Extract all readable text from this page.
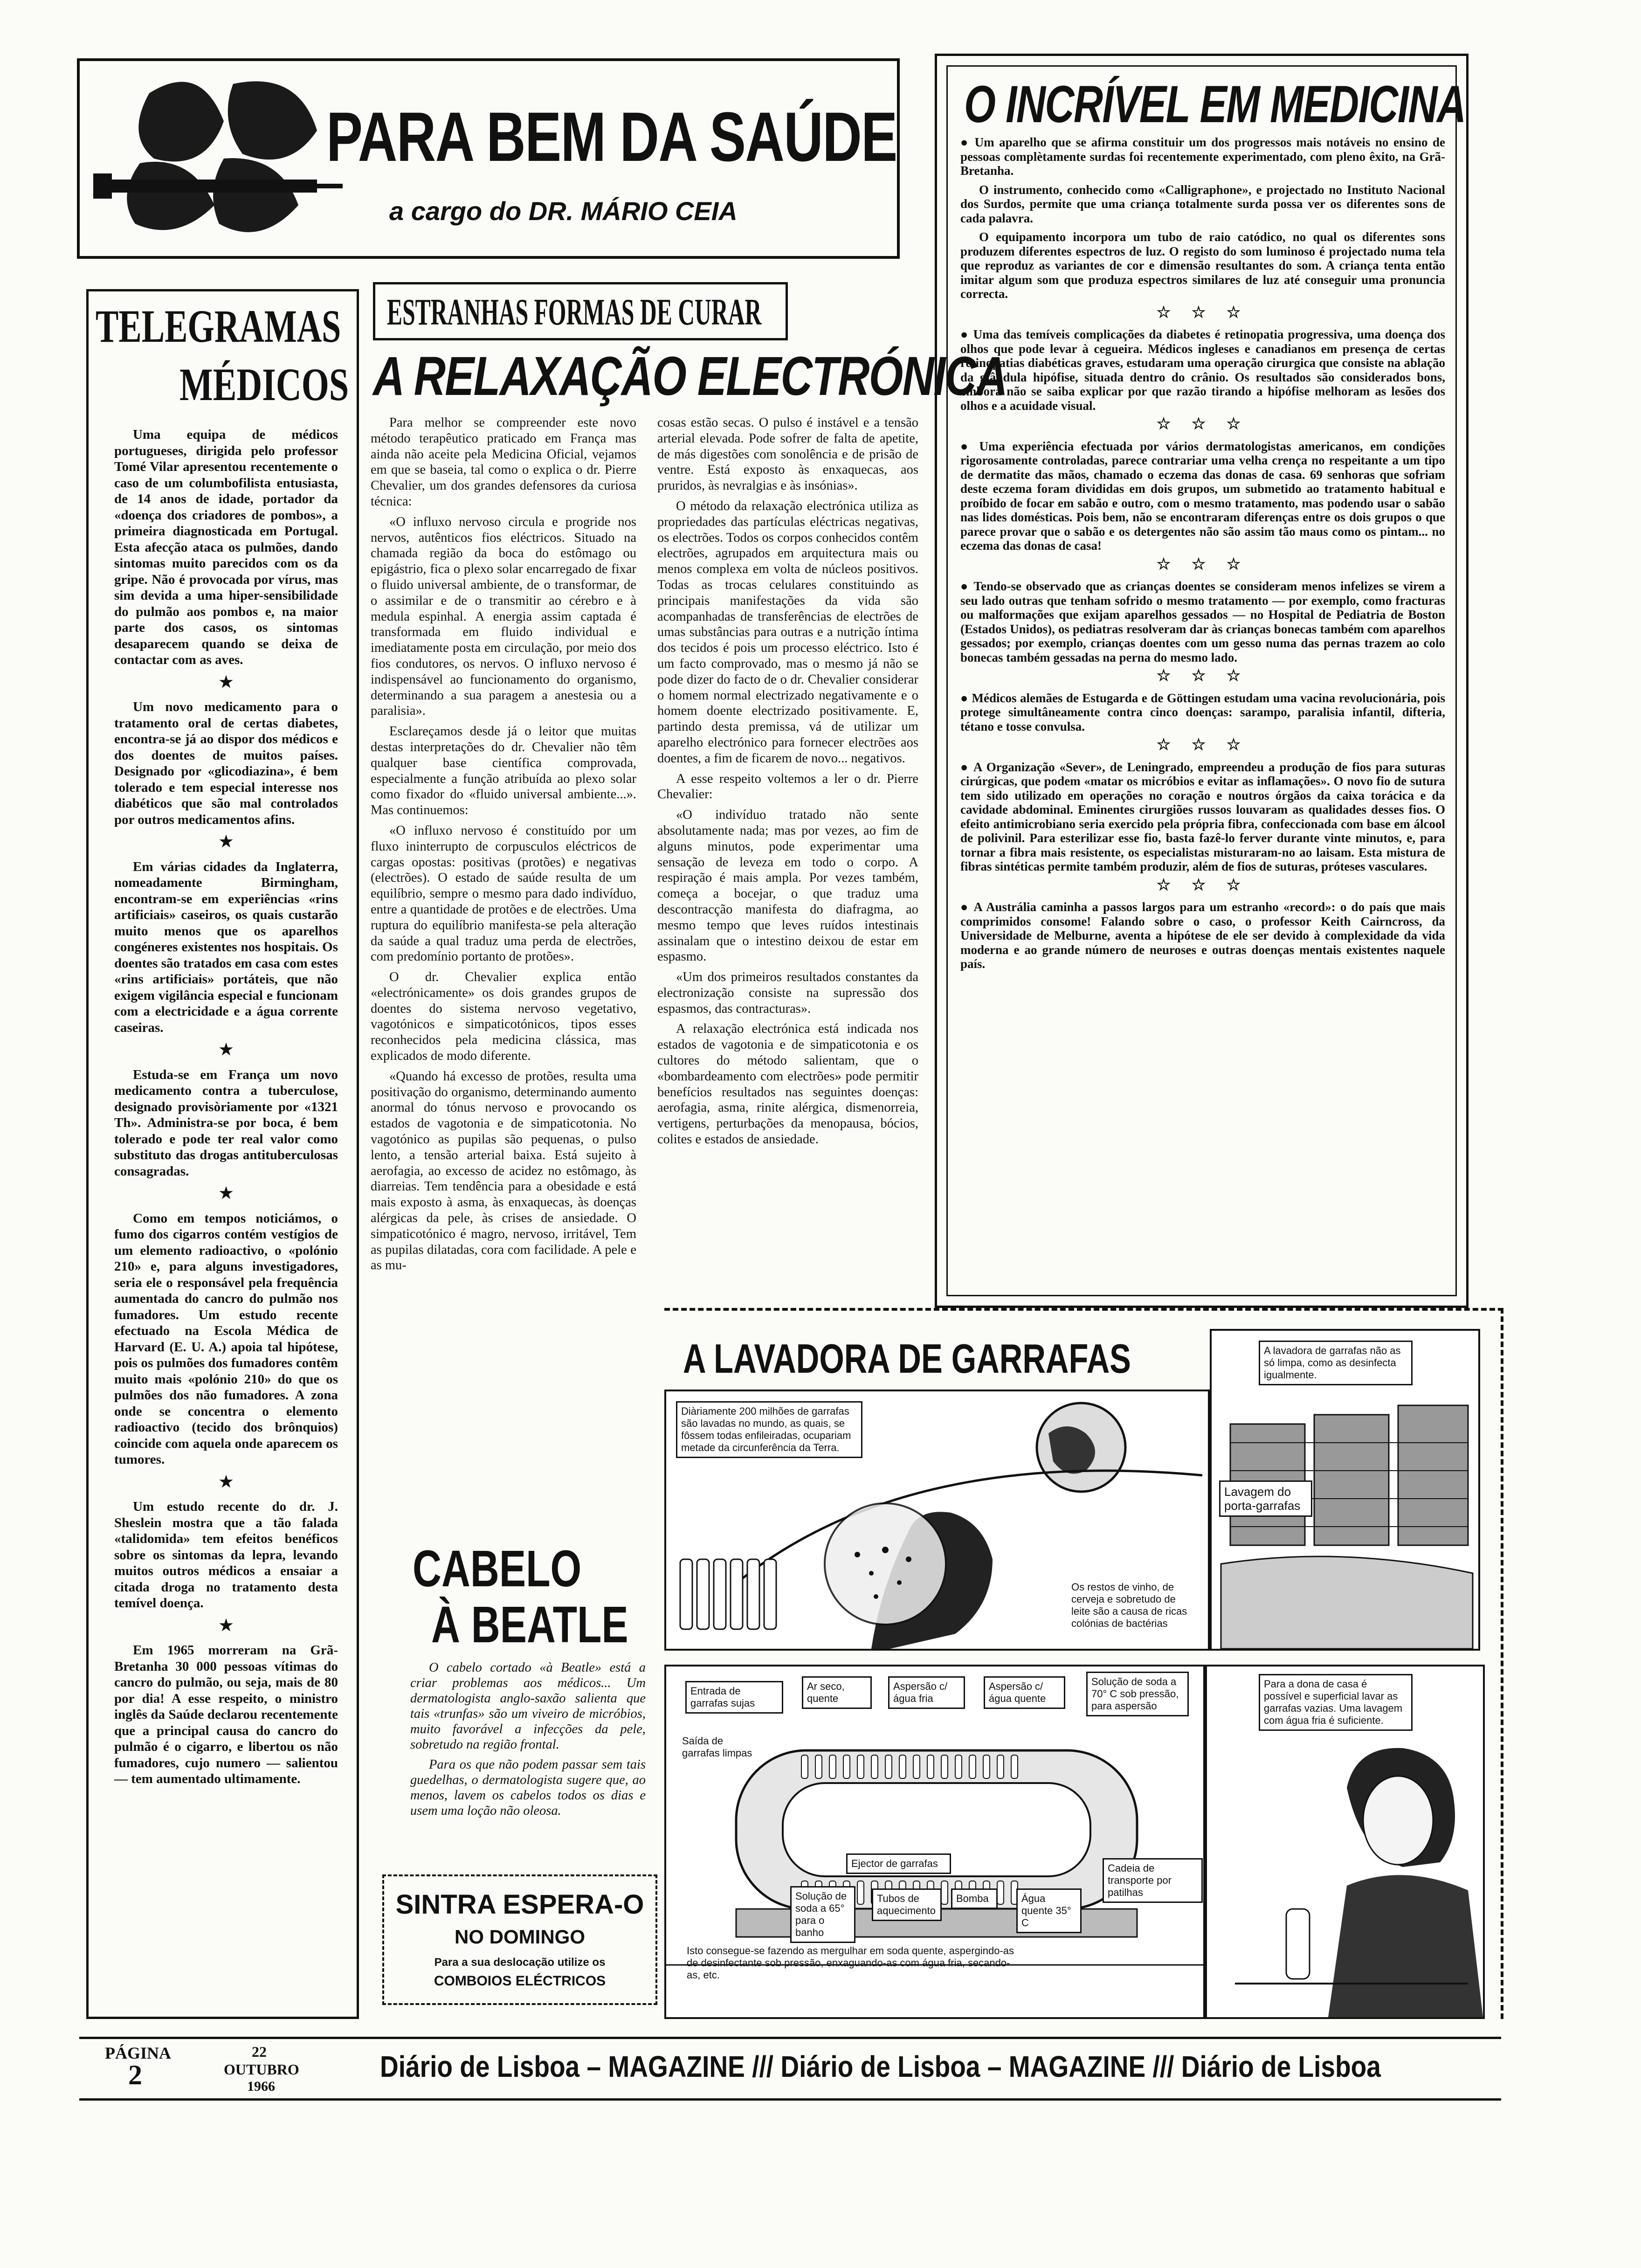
PARA BEM DA SAÚDE
a cargo do DR. MÁRIO CEIA
TELEGRAMAS
MÉDICOS

Uma equipa de médicos portugueses, dirigida pelo professor Tomé Vilar apresentou recentemente o caso de um columbofilista entusiasta, de 14 anos de idade, portador da «doença dos criadores de pombos», a primeira diagnosticada em Portugal. Esta afecção ataca os pulmões, dando sintomas muito parecidos com os da gripe. Não é provocada por vírus, mas sim devida a uma hiper-sensibilidade do pulmão aos pombos e, na maior parte dos casos, os sintomas desaparecem quando se deixa de contactar com as aves.

★

Um novo medicamento para o tratamento oral de certas diabetes, encontra-se já ao dispor dos médicos e dos doentes de muitos países. Designado por «glicodiazina», é bem tolerado e tem especial interesse nos diabéticos que são mal controlados por outros medicamentos afins.

★

Em várias cidades da Inglaterra, nomeadamente Birmingham, encontram-se em experiências «rins artificiais» caseiros, os quais custarão muito menos que os aparelhos congéneres existentes nos hospitais. Os doentes são tratados em casa com estes «rins artificiais» portáteis, que não exigem vigilância especial e funcionam com a electricidade e a água corrente caseiras.

★

Estuda-se em França um novo medicamento contra a tuberculose, designado provisòriamente por «1321 Th». Administra-se por boca, é bem tolerado e pode ter real valor como substituto das drogas antituberculosas consagradas.

★

Como em tempos noticiámos, o fumo dos cigarros contém vestígios de um elemento radioactivo, o «polónio 210» e, para alguns investigadores, seria ele o responsável pela frequência aumentada do cancro do pulmão nos fumadores. Um estudo recente efectuado na Escola Médica de Harvard (E. U. A.) apoia tal hipótese, pois os pulmões dos fumadores contêm muito mais «polónio 210» do que os pulmões dos não fumadores. A zona onde se concentra o elemento radioactivo (tecido dos brônquios) coincide com aquela onde aparecem os tumores.

★

Um estudo recente do dr. J. Sheslein mostra que a tão falada «talidomida» tem efeitos benéficos sobre os sintomas da lepra, levando muitos outros médicos a ensaiar a citada droga no tratamento desta temível doença.

★

Em 1965 morreram na Grã-Bretanha 30 000 pessoas vítimas do cancro do pulmão, ou seja, mais de 80 por dia! A esse respeito, o ministro inglês da Saúde declarou recentemente que a principal causa do cancro do pulmão é o cigarro, e libertou os não fumadores, cujo numero — salientou — tem aumentado ultimamente.

ESTRANHAS FORMAS DE CURAR
A RELAXAÇÃO ELECTRÓNICA

Para melhor se compreender este novo método terapêutico praticado em França mas ainda não aceite pela Medicina Oficial, vejamos em que se baseia, tal como o explica o dr. Pierre Chevalier, um dos grandes defensores da curiosa técnica:

«O influxo nervoso circula e progride nos nervos, autênticos fios eléctricos. Situado na chamada região da boca do estômago ou epigástrio, fica o plexo solar encarregado de fixar o fluido universal ambiente, de o transformar, de o assimilar e de o transmitir ao cérebro e à medula espinhal. A energia assim captada é transformada em fluido individual e imediatamente posta em circulação, por meio dos fios condutores, os nervos. O influxo nervoso é indispensável ao funcionamento do organismo, determinando a sua paragem a anestesia ou a paralisia».

Esclareçamos desde já o leitor que muitas destas interpretações do dr. Chevalier não têm qualquer base científica comprovada, especialmente a função atribuída ao plexo solar como fixador do «fluido universal ambiente...». Mas continuemos:

«O influxo nervoso é constituído por um fluxo ininterrupto de corpusculos eléctricos de cargas opostas: positivas (protões) e negativas (electrões). O estado de saúde resulta de um equilíbrio, sempre o mesmo para dado indivíduo, entre a quantidade de protões e de electrões. Uma ruptura do equilíbrio manifesta-se pela alteração da saúde a qual traduz uma perda de electrões, com predomínio portanto de protões».

O dr. Chevalier explica então «electrónicamente» os dois grandes grupos de doentes do sistema nervoso vegetativo, vagotónicos e simpaticotónicos, tipos esses reconhecidos pela medicina clássica, mas explicados de modo diferente.

«Quando há excesso de protões, resulta uma positivação do organismo, determinando aumento anormal do tónus nervoso e provocando os estados de vagotonia e de simpaticotonia. No vagotónico as pupilas são pequenas, o pulso lento, a tensão arterial baixa. Está sujeito à aerofagia, ao excesso de acidez no estômago, às diarreias. Tem tendência para a obesidade e está mais exposto à asma, às enxaquecas, às doenças alérgicas da pele, às crises de ansiedade. O simpaticotónico é magro, nervoso, irritável, Tem as pupilas dilatadas, cora com facilidade. A pele e as mu-

cosas estão secas. O pulso é instável e a tensão arterial elevada. Pode sofrer de falta de apetite, de más digestões com sonolência e de prisão de ventre. Está exposto às enxaquecas, aos pruridos, às nevralgias e às insónias».

O método da relaxação electrónica utiliza as propriedades das partículas eléctricas negativas, os electrões. Todos os corpos conhecidos contêm electrões, agrupados em arquitectura mais ou menos complexa em volta de núcleos positivos. Todas as trocas celulares constituindo as principais manifestações da vida são acompanhadas de transferências de electrões de umas substâncias para outras e a nutrição íntima dos tecidos é pois um processo eléctrico. Isto é um facto comprovado, mas o mesmo já não se pode dizer do facto de o dr. Chevalier considerar o homem normal electrizado negativamente e o homem doente electrizado positivamente. E, partindo desta premissa, vá de utilizar um aparelho electrónico para fornecer electrões aos doentes, a fim de ficarem de novo... negativos.

A esse respeito voltemos a ler o dr. Pierre Chevalier:

«O indivíduo tratado não sente absolutamente nada; mas por vezes, ao fim de alguns minutos, pode experimentar uma sensação de leveza em todo o corpo. A respiração é mais ampla. Por vezes também, começa a bocejar, o que traduz uma descontracção manifesta do diafragma, ao mesmo tempo que leves ruídos intestinais assinalam que o intestino deixou de estar em espasmo.

«Um dos primeiros resultados constantes da electronização consiste na supressão dos espasmos, das contracturas».

A relaxação electrónica está indicada nos estados de vagotonia e de simpaticotonia e os cultores do método salientam, que o «bombardeamento com electrões» pode permitir benefícios resultados nas seguintes doenças: aerofagia, asma, rinite alérgica, dismenorreia, vertigens, perturbações da menopausa, bócios, colites e estados de ansiedade.

CABELO
À BEATLE

O cabelo cortado «à Beatle» está a criar problemas aos médicos... Um dermatologista anglo-saxão salienta que tais «trunfas» são um viveiro de micróbios, muito favorável a infecções da pele, sobretudo na região frontal.

Para os que não podem passar sem tais guedelhas, o dermatologista sugere que, ao menos, lavem os cabelos todos os dias e usem uma loção não oleosa.

SINTRA ESPERA-O
NO DOMINGO
Para a sua deslocação utilize os
COMBOIOS ELÉCTRICOS
O INCRÍVEL EM MEDICINA

● Um aparelho que se afirma constituir um dos progressos mais notáveis no ensino de pessoas complètamente surdas foi recentemente experimentado, com pleno êxito, na Grã-Bretanha.

O instrumento, conhecido como «Calligraphone», e projectado no Instituto Nacional dos Surdos, permite que uma criança totalmente surda possa ver os diferentes sons de cada palavra.

O equipamento incorpora um tubo de raio catódico, no qual os diferentes sons produzem diferentes espectros de luz. O registo do som luminoso é projectado numa tela que reproduz as variantes de cor e dimensão resultantes do som. A criança tenta então imitar algum som que produza espectros similares de luz até conseguir uma pronuncia correcta.

☆ ☆ ☆

● Uma das temíveis complicações da diabetes é retinopatia progressiva, uma doença dos olhos que pode levar à cegueira. Médicos ingleses e canadianos em presença de certas retinopatias diabéticas graves, estudaram uma operação cirurgica que consiste na ablação da glândula hipófise, situada dentro do crânio. Os resultados são considerados bons, embora não se saiba explicar por que razão tirando a hipófise melhoram as lesões dos olhos e a acuidade visual.

☆ ☆ ☆

● Uma experiência efectuada por vários dermatologistas americanos, em condições rigorosamente controladas, parece contrariar uma velha crença no respeitante a um tipo de dermatite das mãos, chamado o eczema das donas de casa. 69 senhoras que sofriam deste eczema foram divididas em dois grupos, um submetido ao tratamento habitual e proíbido de focar em sabão e outro, com o mesmo tratamento, mas podendo usar o sabão nas lides domésticas. Pois bem, não se encontraram diferenças entre os dois grupos o que parece provar que o sabão e os detergentes não são assim tão maus como os pintam... no eczema das donas de casa!

☆ ☆ ☆

● Tendo-se observado que as crianças doentes se consideram menos infelizes se virem a seu lado outras que tenham sofrido o mesmo tratamento — por exemplo, como fracturas ou malformações que exijam aparelhos gessados — no Hospital de Pediatria de Boston (Estados Unidos), os pediatras resolveram dar às crianças bonecas também com aparelhos gessados; por exemplo, crianças doentes com um gesso numa das pernas trazem ao colo bonecas também gessadas na perna do mesmo lado.

☆ ☆ ☆

● Médicos alemães de Estugarda e de Göttingen estudam uma vacina revolucionária, pois protege simultâneamente contra cinco doenças: sarampo, paralisia infantil, difteria, tétano e tosse convulsa.

☆ ☆ ☆

● A Organização «Sever», de Leningrado, empreendeu a produção de fios para suturas cirúrgicas, que podem «matar os micróbios e evitar as inflamações». O novo fio de sutura tem sido utilizado em operações no coração e noutros órgãos da caixa torácica e da cavidade abdominal. Eminentes cirurgiões russos louvaram as qualidades desses fios. O efeito antimicrobiano seria exercido pela própria fibra, confeccionada com base em álcool de polivinil. Para esterilizar esse fio, basta fazê-lo ferver durante vinte minutos, e, para tornar a fibra mais resistente, os especialistas misturaram-no ao laisam. Esta mistura de fibras sintéticas permite também produzir, além de fios de suturas, próteses vasculares.

☆ ☆ ☆

● A Austrália caminha a passos largos para um estranho «record»: o do país que mais comprimidos consome! Falando sobre o caso, o professor Keith Cairncross, da Universidade de Melburne, aventa a hipótese de ele ser devido à complexidade da vida moderna e ao grande número de neuroses e outras doenças mentais existentes naquele país.

A LAVADORA DE GARRAFAS
Diàriamente 200 milhões de garrafas são lavadas no mundo, as quais, se fôssem todas enfileiradas, ocupariam metade da circunferência da Terra.
Os restos de vinho, de cerveja e sobretudo de leite são a causa de ricas colónias de bactérias
A lavadora de garrafas não as só limpa, como as desinfecta igualmente.
Lavagem do porta-garrafas
Entrada de garrafas sujas
Ar seco, quente
Aspersão c/ água fria
Aspersão c/ água quente
Solução de soda a 70° C sob pressão, para aspersão
Saída de garrafas limpas
Ejector de garrafas	Cadeia de transporte por patilhas
Solução de soda a 65° para o banho
Tubos de aquecimento
Bomba	Água quente 35° C
Isto consegue-se fazendo as mergulhar em soda quente, aspergindo-as de desinfectante sob pressão, enxaguando-as com água fria, secando-as, etc.
Para a dona de casa é possível e superficial lavar as garrafas vazias. Uma lavagem com água fria é suficiente.
PÁGINA
2
22
OUTUBRO
1966
Diário de Lisboa – MAGAZINE /// Diário de Lisboa – MAGAZINE /// Diário de Lisboa
